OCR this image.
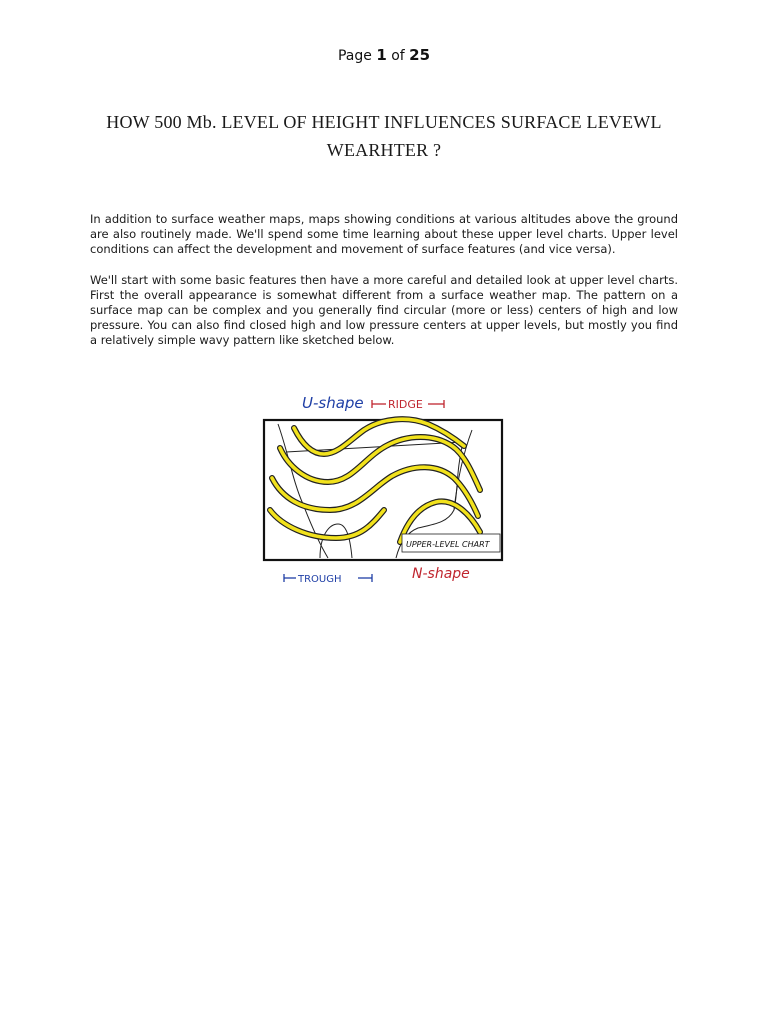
Page 1 of 25
HOW 500 Mb. LEVEL OF HEIGHT INFLUENCES SURFACE LEVEWL WEARHTER ?

In addition to surface weather maps, maps showing conditions at various altitudes above the ground are also routinely made. We'll spend some time learning about these upper level charts. Upper level conditions can affect the development and movement of surface features (and vice versa).

We'll start with some basic features then have a more careful and detailed look at upper level charts. First the overall appearance is somewhat different from a surface weather map. The pattern on a surface map can be complex and you generally find circular (more or less) centers of high and low pressure. You can also find closed high and low pressure centers at upper levels, but mostly you find a relatively simple wavy pattern like sketched below.

U-shape RIDGE
UPPER-LEVEL CHART
TROUGH	N-shape
